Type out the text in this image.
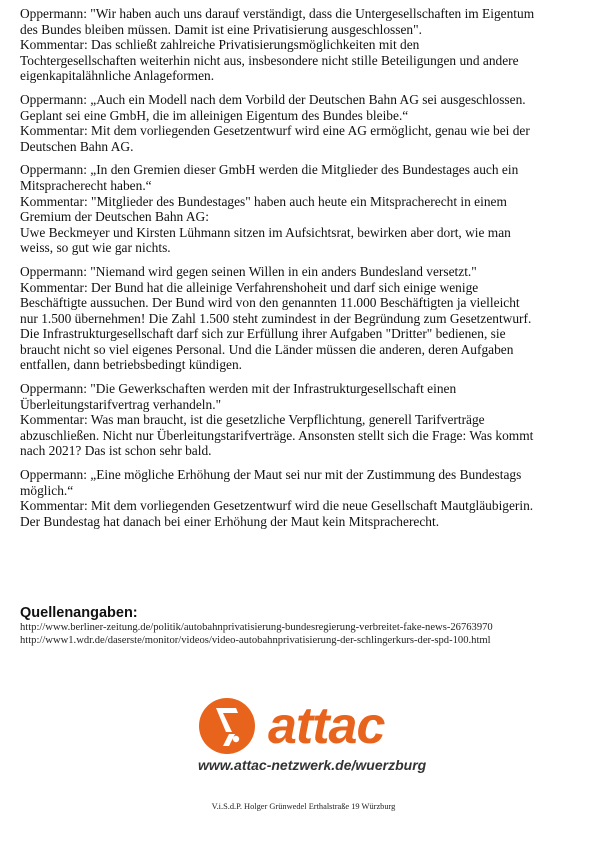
Oppermann: "Wir haben auch uns darauf verständigt, dass die Untergesellschaften im Eigentum
des Bundes bleiben müssen. Damit ist eine Privatisierung ausgeschlossen".
Kommentar: Das schließt zahlreiche Privatisierungsmöglichkeiten mit den
Tochtergesellschaften weiterhin nicht aus, insbesondere nicht stille Beteiligungen und andere
eigenkapitalähnliche Anlageformen.
Oppermann: „Auch ein Modell nach dem Vorbild der Deutschen Bahn AG sei ausgeschlossen.
Geplant sei eine GmbH, die im alleinigen Eigentum des Bundes bleibe.“
Kommentar: Mit dem vorliegenden Gesetzentwurf wird eine AG ermöglicht, genau wie bei der
Deutschen Bahn AG.
Oppermann: „In den Gremien dieser GmbH werden die Mitglieder des Bundestages auch ein
Mitspracherecht haben.“
Kommentar: "Mitglieder des Bundestages" haben auch heute ein Mitspracherecht in einem
Gremium der Deutschen Bahn AG:
Uwe Beckmeyer und Kirsten Lühmann sitzen im Aufsichtsrat, bewirken aber dort, wie man
weiss, so gut wie gar nichts.
Oppermann: "Niemand wird gegen seinen Willen in ein anders Bundesland versetzt."
Kommentar: Der Bund hat die alleinige Verfahrenshoheit und darf sich einige wenige
Beschäftigte aussuchen. Der Bund wird von den genannten 11.000 Beschäftigten ja vielleicht
nur 1.500 übernehmen! Die Zahl 1.500 steht zumindest in der Begründung zum Gesetzentwurf.
Die Infrastrukturgesellschaft darf sich zur Erfüllung ihrer Aufgaben "Dritter" bedienen, sie
braucht nicht so viel eigenes Personal. Und die Länder müssen die anderen, deren Aufgaben
entfallen, dann betriebsbedingt kündigen.
Oppermann: "Die Gewerkschaften werden mit der Infrastrukturgesellschaft einen
Überleitungstarifvertrag verhandeln."
Kommentar: Was man braucht, ist die gesetzliche Verpflichtung, generell Tarifverträge
abzuschließen. Nicht nur Überleitungstarifverträge. Ansonsten stellt sich die Frage: Was kommt
nach 2021? Das ist schon sehr bald.
Oppermann: „Eine mögliche Erhöhung der Maut sei nur mit der Zustimmung des Bundestags
möglich.“
Kommentar: Mit dem vorliegenden Gesetzentwurf wird die neue Gesellschaft Mautgläubigerin.
Der Bundestag hat danach bei einer Erhöhung der Maut kein Mitspracherecht.
Quellenangaben:
http://www.berliner-zeitung.de/politik/autobahnprivatisierung-bundesregierung-verbreitet-fake-news-26763970
http://www1.wdr.de/daserste/monitor/videos/video-autobahnprivatisierung-der-schlingerkurs-der-spd-100.html
attac
www.attac-netzwerk.de/wuerzburg
V.i.S.d.P. Holger Grünwedel Erthalstraße 19 Würzburg
